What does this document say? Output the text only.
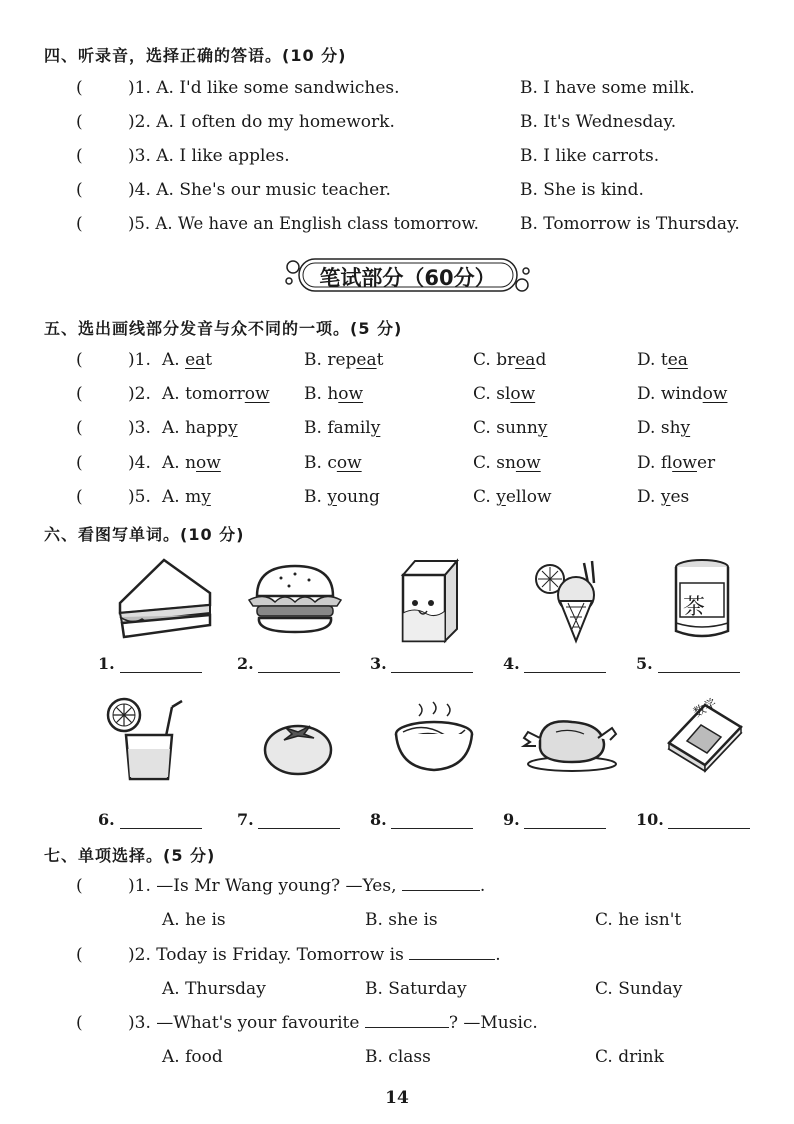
四、听录音，选择正确的答语。(10 分)
(	)1. A. I'd like some sandwiches.	B. I have some milk.
(	)2. A. I often do my homework.	B. It's Wednesday.
(	)3. A. I like apples.	B. I like carrots.
(	)4. A. She's our music teacher.	B. She is kind.
(	)5. A. We have an English class tomorrow. B. Tomorrow is Thursday.
笔试部分（60分）
五、选出画线部分发音与众不同的一项。(5 分)
(	)1. A. eat	B. repeat	C. bread	D. tea
(	)2. A. tomorrow B. how	C. slow	D. window
(	)3. A. happy	B. family	C. sunny	D. shy
(	)4. A. now	B. cow	C. snow	D. flower
(	)5. A. my	B. young	C. yellow	D. yes
六、看图写单词。(10 分)
茶
1.	2.	3.	4.	5.
数学
6.	7.	8.	9.	10.
七、单项选择。(5 分)
(	)1. —Is Mr Wang young? —Yes,	.
A. he is	B. she is	C. he isn't
(	)2. Today is Friday. Tomorrow is	.
A. Thursday	B. Saturday	C. Sunday
(	)3. —What's your favourite	? —Music.
A. food	B. class	C. drink
14
